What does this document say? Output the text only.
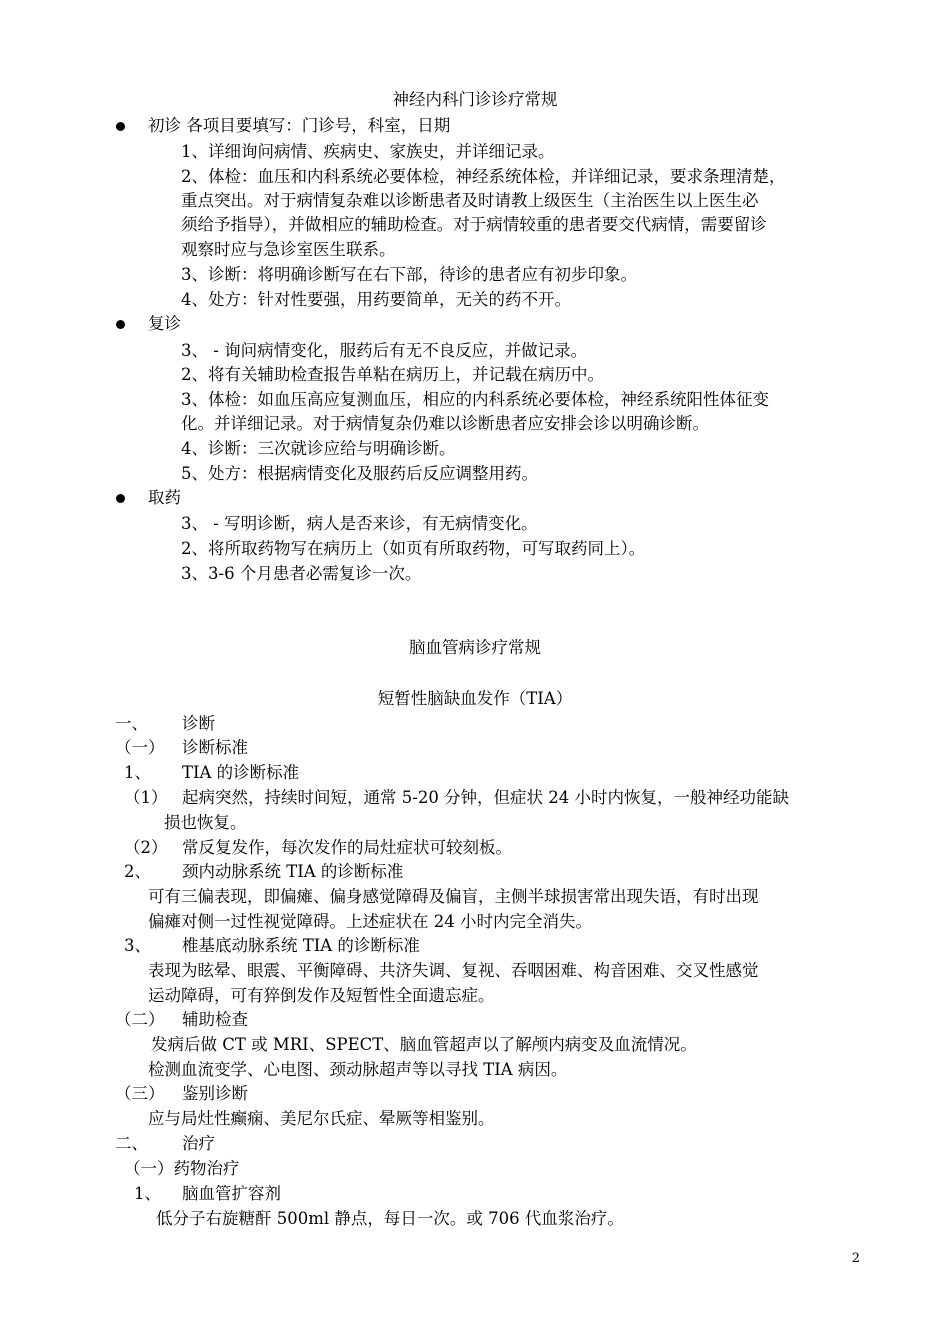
神经内科门诊诊疗常规
初诊 各项目要填写：门诊号，科室，日期
1、详细询问病情、疾病史、家族史，并详细记录。
2、体检：血压和内科系统必要体检，神经系统体检，并详细记录，要求条理清楚，
重点突出。对于病情复杂难以诊断患者及时请教上级医生（主治医生以上医生必
须给予指导），并做相应的辅助检查。对于病情较重的患者要交代病情，需要留诊
观察时应与急诊室医生联系。
3、诊断：将明确诊断写在右下部，待诊的患者应有初步印象。
4、处方：针对性要强，用药要简单，无关的药不开。
复诊
3、 - 询问病情变化，服药后有无不良反应，并做记录。
2、将有关辅助检查报告单粘在病历上，并记载在病历中。
3、体检：如血压高应复测血压，相应的内科系统必要体检，神经系统阳性体征变
化。并详细记录。对于病情复杂仍难以诊断患者应安排会诊以明确诊断。
4、诊断：三次就诊应给与明确诊断。
5、处方：根据病情变化及服药后反应调整用药。
取药
3、 - 写明诊断，病人是否来诊，有无病情变化。
2、将所取药物写在病历上（如页有所取药物，可写取药同上）。
3、3-6 个月患者必需复诊一次。
脑血管病诊疗常规
短暂性脑缺血发作（TIA）
一、 诊断
（一） 诊断标准
1、 TIA 的诊断标准
（1） 起病突然，持续时间短，通常 5-20 分钟，但症状 24 小时内恢复，一般神经功能缺
损也恢复。
（2） 常反复发作，每次发作的局灶症状可较刻板。
2、 颈内动脉系统 TIA 的诊断标准
可有三偏表现，即偏瘫、偏身感觉障碍及偏盲，主侧半球损害常出现失语，有时出现
偏瘫对侧一过性视觉障碍。上述症状在 24 小时内完全消失。
3、 椎基底动脉系统 TIA 的诊断标准
表现为眩晕、眼震、平衡障碍、共济失调、复视、吞咽困难、构音困难、交叉性感觉
运动障碍，可有猝倒发作及短暂性全面遗忘症。
（二） 辅助检查
发病后做 CT 或 MRI、SPECT、脑血管超声以了解颅内病变及血流情况。
检测血流变学、心电图、颈动脉超声等以寻找 TIA 病因。
（三） 鉴别诊断
应与局灶性癫痫、美尼尔氏症、晕厥等相鉴别。
二、 治疗
（一）药物治疗
1、 脑血管扩容剂
低分子右旋糖酐 500ml 静点，每日一次。或 706 代血浆治疗。
2
